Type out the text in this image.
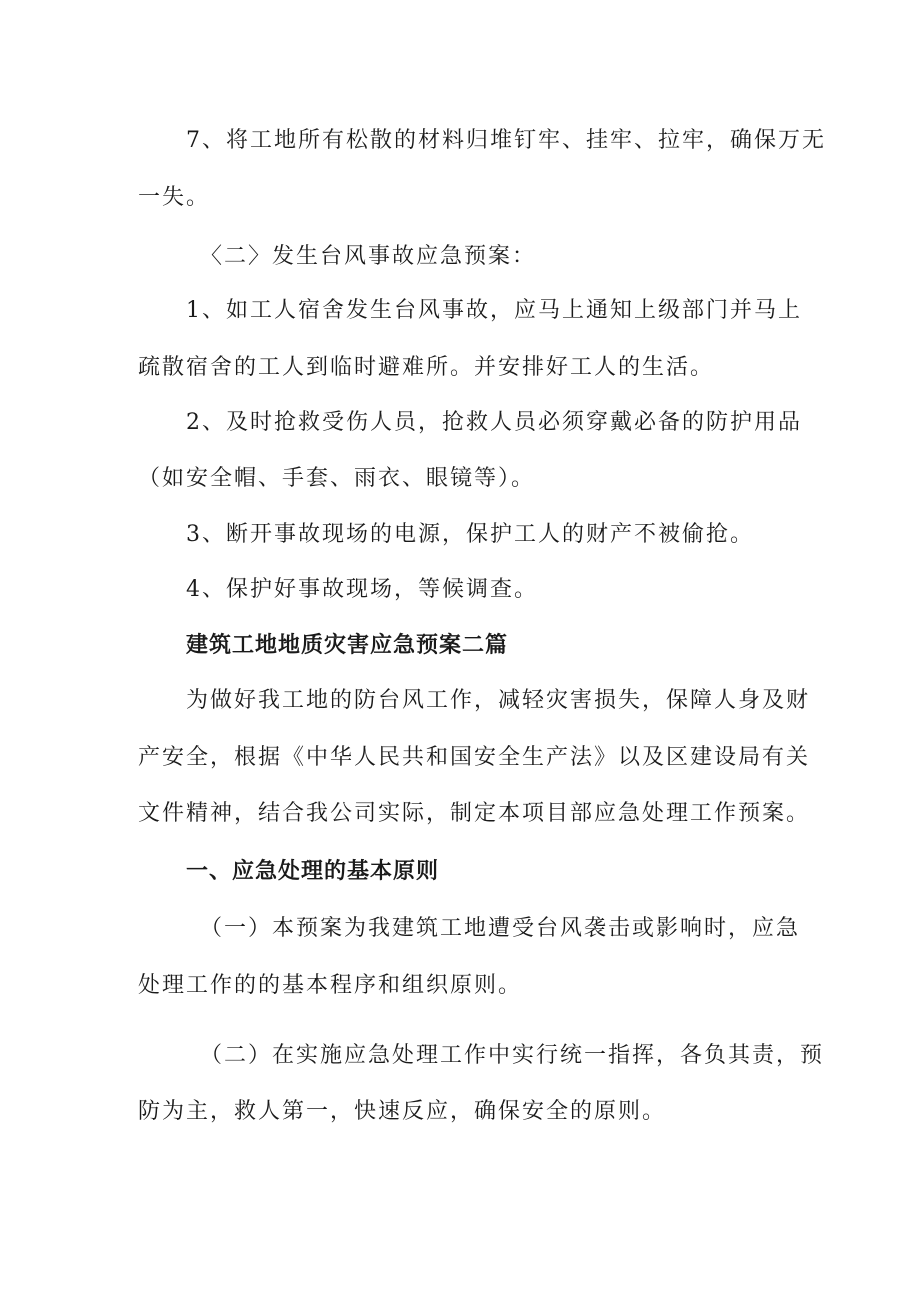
7、将工地所有松散的材料归堆钉牢、挂牢、拉牢，确保万无
一失。
〈二〉发生台风事故应急预案：
1、如工人宿舍发生台风事故，应马上通知上级部门并马上
疏散宿舍的工人到临时避难所。并安排好工人的生活。
2、及时抢救受伤人员，抢救人员必须穿戴必备的防护用品
（如安全帽、手套、雨衣、眼镜等）。
3、断开事故现场的电源，保护工人的财产不被偷抢。
4、保护好事故现场，等候调查。
建筑工地地质灾害应急预案二篇
为做好我工地的防台风工作，减轻灾害损失，保障人身及财
产安全，根据《中华人民共和国安全生产法》以及区建设局有关
文件精神，结合我公司实际，制定本项目部应急处理工作预案。
一、应急处理的基本原则
（一）本预案为我建筑工地遭受台风袭击或影响时，应急
处理工作的的基本程序和组织原则。
（二）在实施应急处理工作中实行统一指挥，各负其责，预
防为主，救人第一，快速反应，确保安全的原则。
